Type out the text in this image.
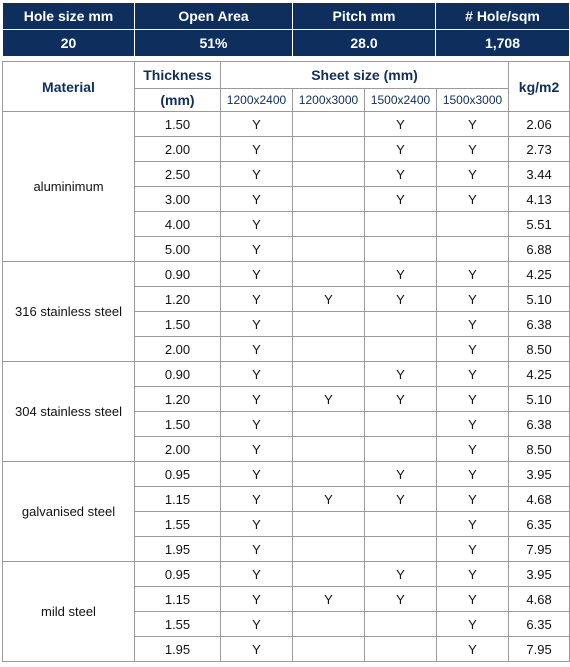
Hole size mm	Open Area	Pitch mm	# Hole/sqm
20	51%	28.0	1,708
Material	Thickness	Sheet size (mm)				kg/m2
	(mm)	1200x2400	1200x3000	1500x2400	1500x3000	
aluminimum	1.50	Y		Y	Y	2.06
	2.00	Y		Y	Y	2.73
	2.50	Y		Y	Y	3.44
	3.00	Y		Y	Y	4.13
	4.00	Y				5.51
	5.00	Y				6.88
316 stainless steel	0.90	Y		Y	Y	4.25
	1.20	Y	Y	Y	Y	5.10
	1.50	Y			Y	6.38
	2.00	Y			Y	8.50
304 stainless steel	0.90	Y		Y	Y	4.25
	1.20	Y	Y	Y	Y	5.10
	1.50	Y			Y	6.38
	2.00	Y			Y	8.50
galvanised steel	0.95	Y		Y	Y	3.95
	1.15	Y	Y	Y	Y	4.68
	1.55	Y			Y	6.35
	1.95	Y			Y	7.95
mild steel	0.95	Y		Y	Y	3.95
	1.15	Y	Y	Y	Y	4.68
	1.55	Y			Y	6.35
	1.95	Y			Y	7.95
